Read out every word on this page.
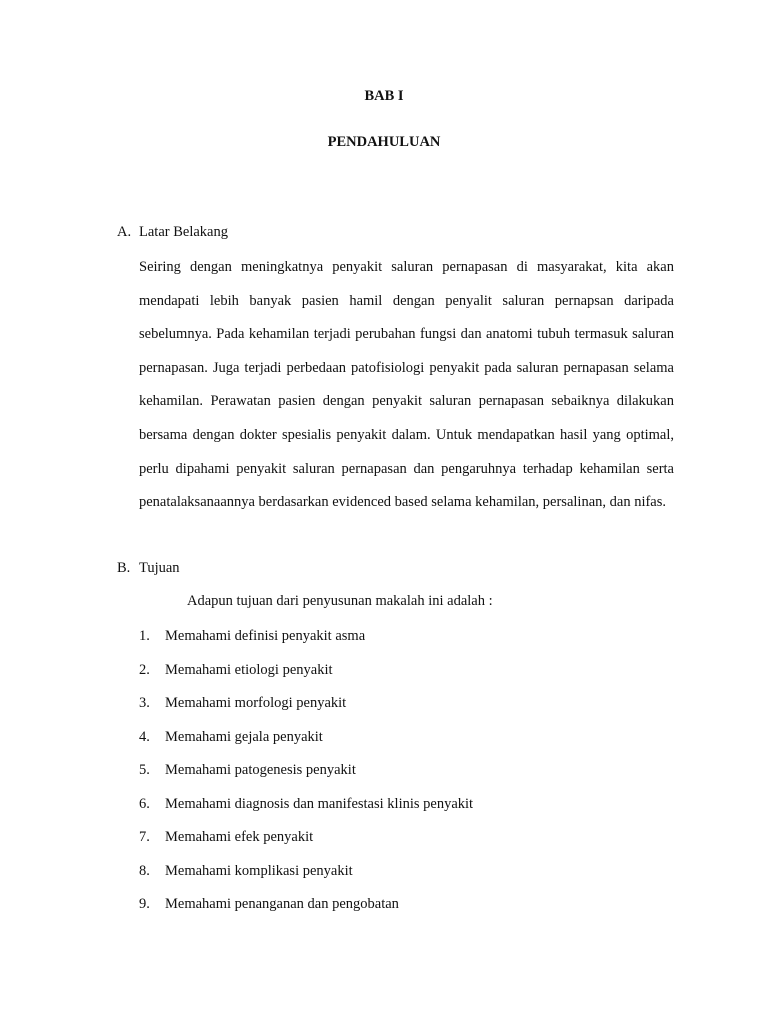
BAB I
PENDAHULUAN
A. Latar Belakang

Seiring dengan meningkatnya penyakit saluran pernapasan di masyarakat, kita akan mendapati lebih banyak pasien hamil dengan penyalit saluran pernapsan daripada sebelumnya. Pada kehamilan terjadi perubahan fungsi dan anatomi tubuh termasuk saluran pernapasan. Juga terjadi perbedaan patofisiologi penyakit pada saluran pernapasan selama kehamilan. Perawatan pasien dengan penyakit saluran pernapasan sebaiknya dilakukan bersama dengan dokter spesialis penyakit dalam. Untuk mendapatkan hasil yang optimal, perlu dipahami penyakit saluran pernapasan dan pengaruhnya terhadap kehamilan serta penatalaksanaannya berdasarkan evidenced based selama kehamilan, persalinan, dan nifas.

B. Tujuan
Adapun tujuan dari penyusunan makalah ini adalah :
1. Memahami definisi penyakit asma
2. Memahami etiologi penyakit
3. Memahami morfologi penyakit
4. Memahami gejala penyakit
5. Memahami patogenesis penyakit
6. Memahami diagnosis dan manifestasi klinis penyakit
7. Memahami efek penyakit
8. Memahami komplikasi penyakit
9. Memahami penanganan dan pengobatan
